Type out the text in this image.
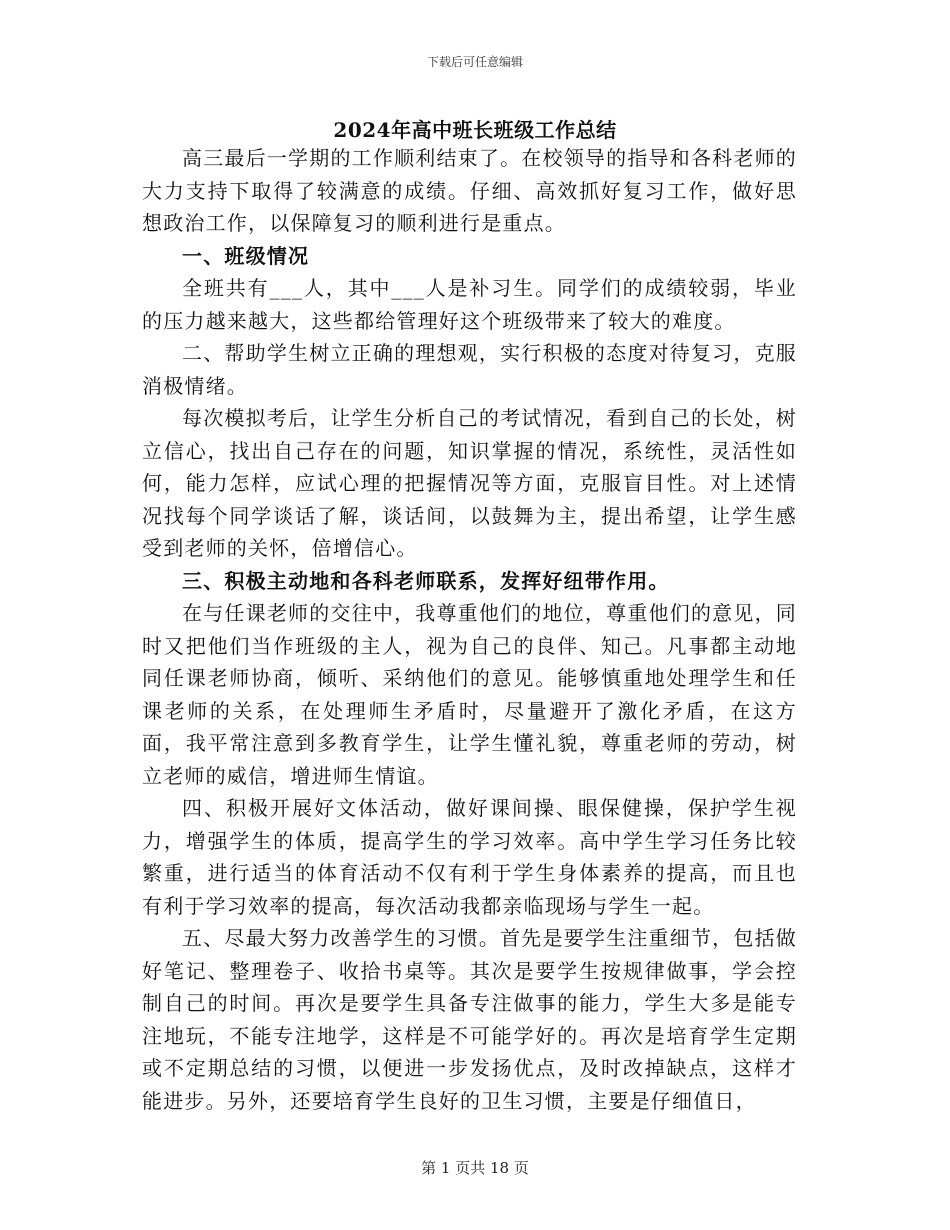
下载后可任意编辑
2024年高中班长班级工作总结

高三最后一学期的工作顺利结束了。在校领导的指导和各科老师的大力支持下取得了较满意的成绩。仔细、高效抓好复习工作，做好思想政治工作，以保障复习的顺利进行是重点。

一、班级情况

全班共有___人，其中___人是补习生。同学们的成绩较弱，毕业的压力越来越大，这些都给管理好这个班级带来了较大的难度。

二、帮助学生树立正确的理想观，实行积极的态度对待复习，克服消极情绪。

每次模拟考后，让学生分析自己的考试情况，看到自己的长处，树立信心，找出自己存在的问题，知识掌握的情况，系统性，灵活性如何，能力怎样，应试心理的把握情况等方面，克服盲目性。对上述情况找每个同学谈话了解，谈话间，以鼓舞为主，提出希望，让学生感受到老师的关怀，倍增信心。

三、积极主动地和各科老师联系，发挥好纽带作用。

在与任课老师的交往中，我尊重他们的地位，尊重他们的意见，同时又把他们当作班级的主人，视为自己的良伴、知己。凡事都主动地同任课老师协商，倾听、采纳他们的意见。能够慎重地处理学生和任课老师的关系，在处理师生矛盾时，尽量避开了激化矛盾，在这方面，我平常注意到多教育学生，让学生懂礼貌，尊重老师的劳动，树立老师的威信，增进师生情谊。

四、积极开展好文体活动，做好课间操、眼保健操，保护学生视力，增强学生的体质，提高学生的学习效率。高中学生学习任务比较繁重，进行适当的体育活动不仅有利于学生身体素养的提高，而且也有利于学习效率的提高，每次活动我都亲临现场与学生一起。

五、尽最大努力改善学生的习惯。首先是要学生注重细节，包括做好笔记、整理卷子、收拾书桌等。其次是要学生按规律做事，学会控制自己的时间。再次是要学生具备专注做事的能力，学生大多是能专注地玩，不能专注地学，这样是不可能学好的。再次是培育学生定期或不定期总结的习惯，以便进一步发扬优点，及时改掉缺点，这样才能进步。另外，还要培育学生良好的卫生习惯，主要是仔细值日，

第 1 页共 18 页
